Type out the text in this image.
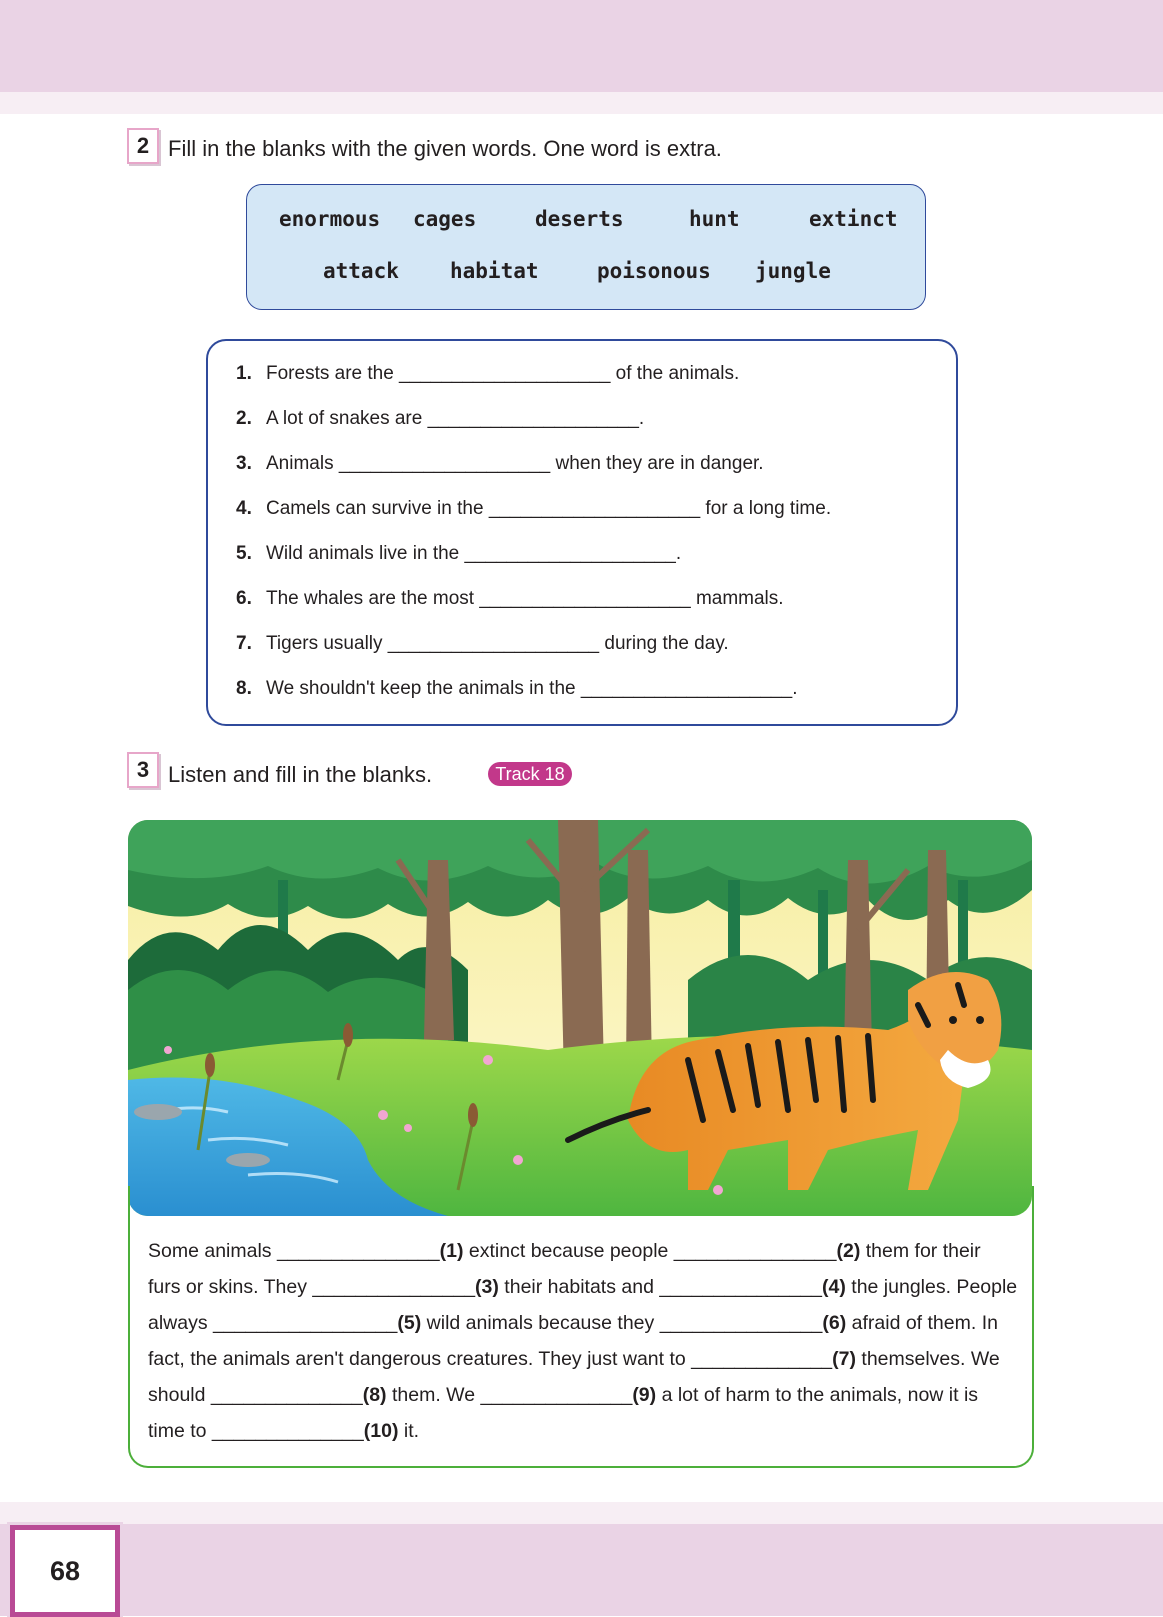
2 Fill in the blanks with the given words. One word is extra.
enormous cages	deserts	hunt	extinct
attack habitat	poisonous jungle
1. Forests are the ____________________ of the animals.
2. A lot of snakes are ____________________.
3. Animals ____________________ when they are in danger.
4. Camels can survive in the ____________________ for a long time.
5. Wild animals live in the ____________________.
6. The whales are the most ____________________ mammals.
7. Tigers usually ____________________ during the day.
8. We shouldn't keep the animals in the ____________________.
3 Listen and fill in the blanks.	Track 18
Some animals _______________(1) extinct because people _______________(2) them for their
furs or skins. They _______________(3) their habitats and _______________(4) the jungles. People
always _________________(5) wild animals because they _______________(6) afraid of them. In
fact, the animals aren't dangerous creatures. They just want to _____________(7) themselves. We
should ______________(8) them. We ______________(9) a lot of harm to the animals, now it is
time to ______________(10) it.
68
